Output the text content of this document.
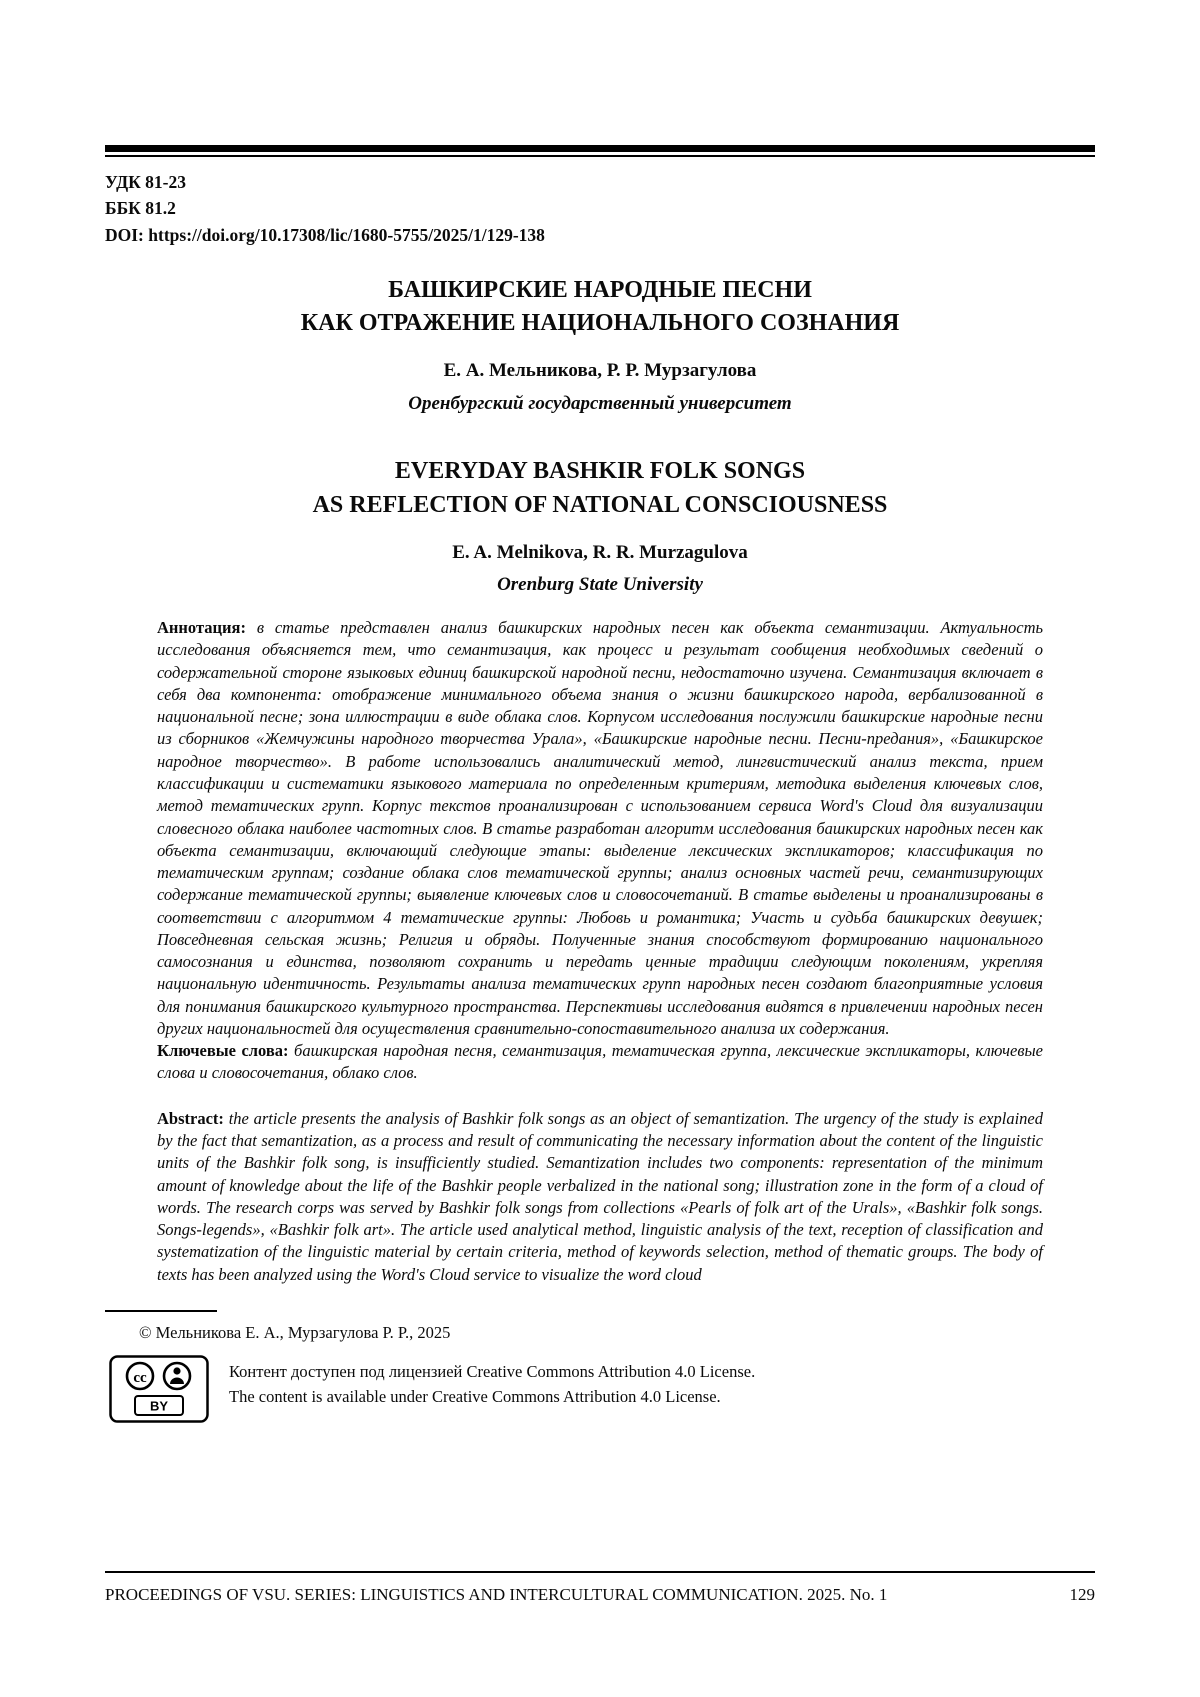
УДК 81-23
ББК 81.2
DOI: https://doi.org/10.17308/lic/1680-5755/2025/1/129-138
БАШКИРСКИЕ НАРОДНЫЕ ПЕСНИ
КАК ОТРАЖЕНИЕ НАЦИОНАЛЬНОГО СОЗНАНИЯ
Е. А. Мельникова, Р. Р. Мурзагулова
Оренбургский государственный университет
EVERYDAY BASHKIR FOLK SONGS
AS REFLECTION OF NATIONAL CONSCIOUSNESS
E. A. Melnikova, R. R. Murzagulova
Orenburg State University

Аннотация: в статье представлен анализ башкирских народных песен как объекта семантизации. Актуальность исследования объясняется тем, что семантизация, как процесс и результат сообщения необходимых сведений о содержательной стороне языковых единиц башкирской народной песни, недостаточно изучена. Семантизация включает в себя два компонента: отображение минимального объема знания о жизни башкирского народа, вербализованной в национальной песне; зона иллюстрации в виде облака слов. Корпусом исследования послужили башкирские народные песни из сборников «Жемчужины народного творчества Урала», «Башкирские народные песни. Песни-предания», «Башкирское народное творчество». В работе использовались аналитический метод, лингвистический анализ текста, прием классификации и систематики языкового материала по определенным критериям, методика выделения ключевых слов, метод тематических групп. Корпус текстов проанализирован с использованием сервиса Word's Cloud для визуализации словесного облака наиболее частотных слов. В статье разработан алгоритм исследования башкирских народных песен как объекта семантизации, включающий следующие этапы: выделение лексических экспликаторов; классификация по тематическим группам; создание облака слов тематической группы; анализ основных частей речи, семантизирующих содержание тематической группы; выявление ключевых слов и словосочетаний. В статье выделены и проанализированы в соответствии с алгоритмом 4 тематические группы: Любовь и романтика; Участь и судьба башкирских девушек; Повседневная сельская жизнь; Религия и обряды. Полученные знания способствуют формированию национального самосознания и единства, позволяют сохранить и передать ценные традиции следующим поколениям, укрепляя национальную идентичность. Результаты анализа тематических групп народных песен создают благоприятные условия для понимания башкирского культурного пространства. Перспективы исследования видятся в привлечении народных песен других национальностей для осуществления сравнительно-сопоставительного анализа их содержания.

Ключевые слова: башкирская народная песня, семантизация, тематическая группа, лексические экспликаторы, ключевые слова и словосочетания, облако слов.

Abstract: the article presents the analysis of Bashkir folk songs as an object of semantization. The urgency of the study is explained by the fact that semantization, as a process and result of communicating the necessary information about the content of the linguistic units of the Bashkir folk song, is insufficiently studied. Semantization includes two components: representation of the minimum amount of knowledge about the life of the Bashkir people verbalized in the national song; illustration zone in the form of a cloud of words. The research corps was served by Bashkir folk songs from collections «Pearls of folk art of the Urals», «Bashkir folk songs. Songs-legends», «Bashkir folk art». The article used analytical method, linguistic analysis of the text, reception of classification and systematization of the linguistic material by certain criteria, method of keywords selection, method of thematic groups. The body of texts has been analyzed using the Word's Cloud service to visualize the word cloud

© Мельникова Е. А., Мурзагулова Р. Р., 2025
cc
BY
Контент доступен под лицензией Creative Commons Attribution 4.0 License.
The content is available under Creative Commons Attribution 4.0 License.
PROCEEDINGS OF VSU. SERIES: LINGUISTICS AND INTERCULTURAL COMMUNICATION. 2025. No. 1	129
